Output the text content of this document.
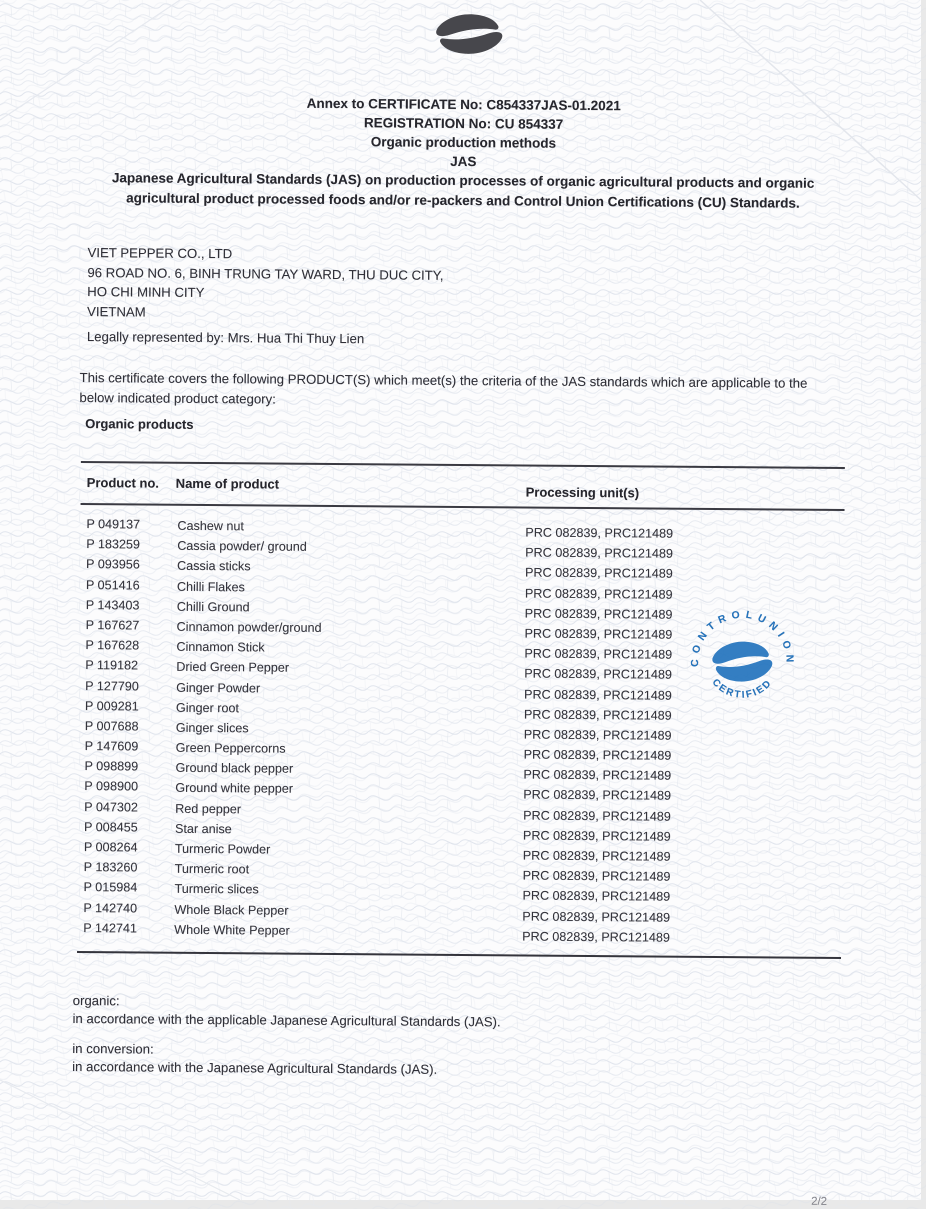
Annex to CERTIFICATE No: C854337JAS-01.2021
REGISTRATION No: CU 854337
Organic production methods
JAS
Japanese Agricultural Standards (JAS) on production processes of organic agricultural products and organic agricultural product processed foods and/or re-packers and Control Union Certifications (CU) Standards.
VIET PEPPER CO., LTD
96 ROAD NO. 6, BINH TRUNG TAY WARD, THU DUC CITY,
HO CHI MINH CITY
VIETNAM
Legally represented by: Mrs. Hua Thi Thuy Lien
This certificate covers the following PRODUCT(S) which meet(s) the criteria of the JAS standards which are applicable to the below indicated product category:
Organic products
Product no. Name of product
Processing unit(s)
P 049137	Cashew nut	PRC 082839, PRC121489
P 183259	Cassia powder/ ground	PRC 082839, PRC121489
P 093956	Cassia sticks	PRC 082839, PRC121489
P 051416	Chilli Flakes	PRC 082839, PRC121489
P 143403	Chilli Ground	PRC 082839, PRC121489
P 167627	Cinnamon powder/ground	PRC 082839, PRC121489
P 167628	Cinnamon Stick	PRC 082839, PRC121489
P 119182	Dried Green Pepper	PRC 082839, PRC121489
P 127790	Ginger Powder	PRC 082839, PRC121489
P 009281	Ginger root	PRC 082839, PRC121489
P 007688	Ginger slices	PRC 082839, PRC121489
P 147609	Green Peppercorns	PRC 082839, PRC121489
P 098899	Ground black pepper	PRC 082839, PRC121489
P 098900	Ground white pepper	PRC 082839, PRC121489
P 047302	Red pepper	PRC 082839, PRC121489
P 008455	Star anise	PRC 082839, PRC121489
P 008264	Turmeric Powder	PRC 082839, PRC121489
P 183260	Turmeric root	PRC 082839, PRC121489
P 015984	Turmeric slices	PRC 082839, PRC121489
P 142740	Whole Black Pepper	PRC 082839, PRC121489
P 142741	Whole White Pepper	PRC 082839, PRC121489
CONTROLUNION
CERTIFIED
organic:
in accordance with the applicable Japanese Agricultural Standards (JAS).
in conversion:
in accordance with the Japanese Agricultural Standards (JAS).
2/2
